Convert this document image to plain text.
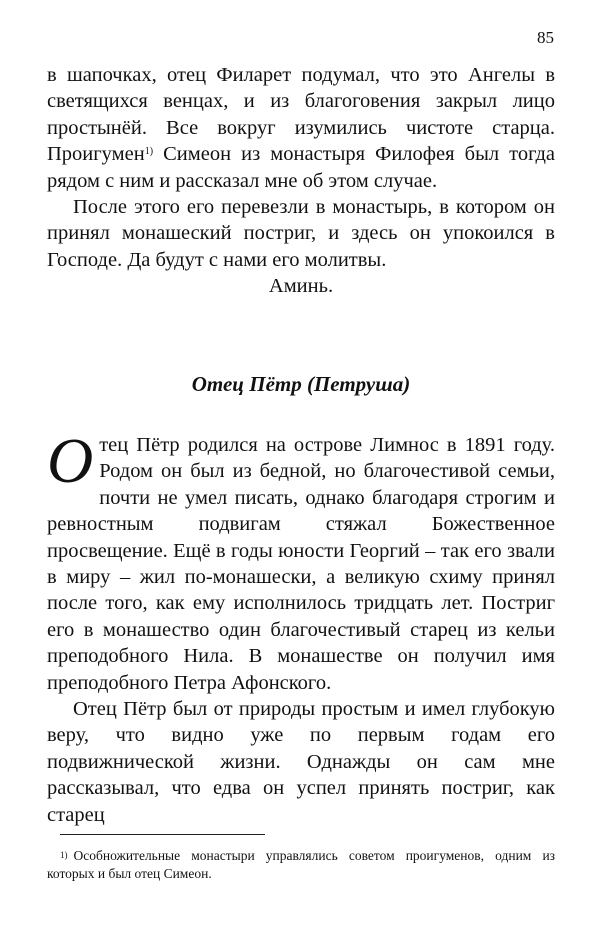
85

в шапочках, отец Филарет подумал, что это Ангелы в светящихся венцах, и из благоговения закрыл лицо простынёй. Все вокруг изумились чистоте старца. Проигумен$^{1)}$ Симеон из монастыря Филофея был тогда рядом с ним и рассказал мне об этом случае.

После этого его перевезли в монастырь, в котором он принял монашеский постриг, и здесь он упокоился в Господе. Да будут с нами его молитвы.

Аминь.

Отец Пётр (Петруша)

Отец Пётр родился на острове Лимнос в 1891 году. Родом он был из бедной, но благочестивой семьи, почти не умел писать, однако благодаря строгим и ревностным подвигам стяжал Божественное просвещение. Ещё в годы юности Георгий – так его звали в миру – жил по-монашески, а великую схиму принял после того, как ему исполнилось тридцать лет. Постриг его в монашество один благочестивый старец из кельи преподобного Нила. В монашестве он получил имя преподобного Петра Афонского.

Отец Пётр был от природы простым и имел глубокую веру, что видно уже по первым годам его подвижнической жизни. Однажды он сам мне рассказывал, что едва он успел принять постриг, как старец

$^{1)}$ Особножительные монастыри управлялись советом проигуменов, одним из которых и был отец Симеон.
